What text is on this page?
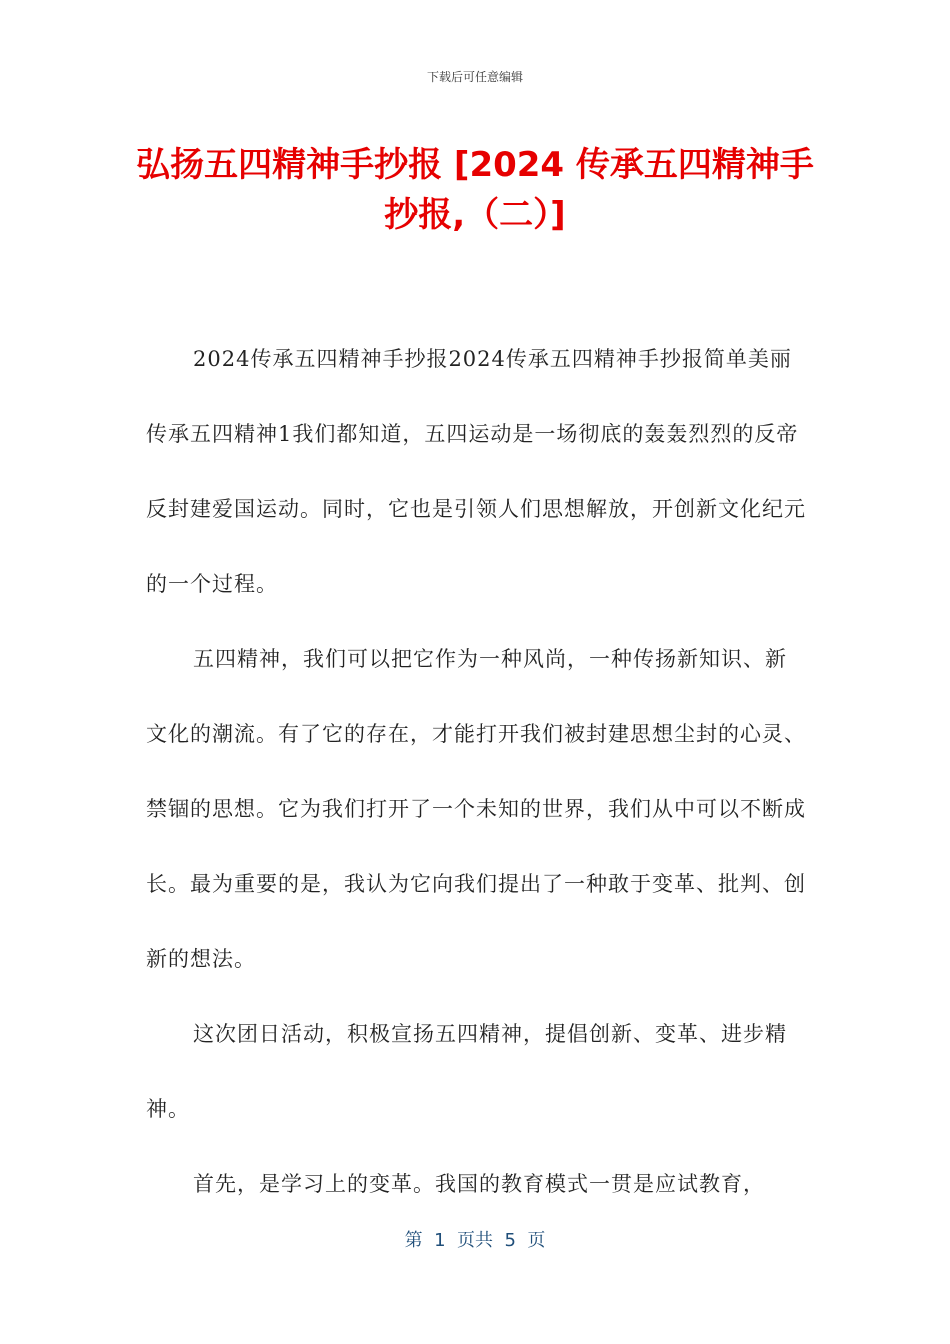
下载后可任意编辑
弘扬五四精神手抄报 [2024 传承五四精神手抄报,（二）]

2024传承五四精神手抄报2024传承五四精神手抄报简单美丽传承五四精神1我们都知道，五四运动是一场彻底的轰轰烈烈的反帝反封建爱国运动。同时，它也是引领人们思想解放，开创新文化纪元的一个过程。

五四精神，我们可以把它作为一种风尚，一种传扬新知识、新文化的潮流。有了它的存在，才能打开我们被封建思想尘封的心灵、禁锢的思想。它为我们打开了一个未知的世界，我们从中可以不断成长。最为重要的是，我认为它向我们提出了一种敢于变革、批判、创新的想法。

这次团日活动，积极宣扬五四精神，提倡创新、变革、进步精神。

首先，是学习上的变革。我国的教育模式一贯是应试教育，

第  1  页共  5  页
